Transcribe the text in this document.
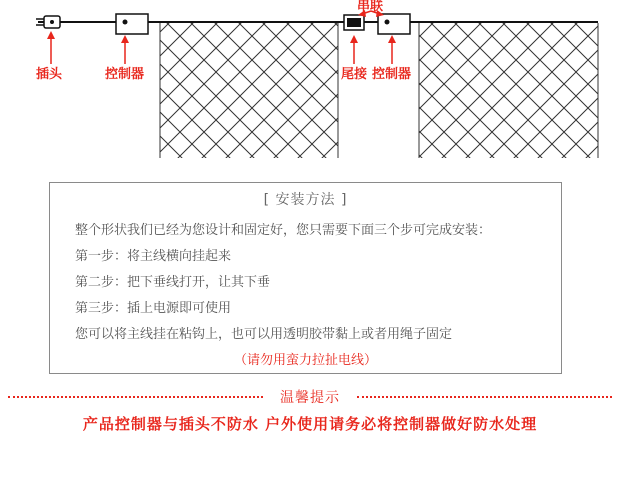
插头	控制器
串联
尾接 控制器
[ 安装方法 ]
整个形状我们已经为您设计和固定好，您只需要下面三个步可完成安装：
第一步：将主线横向挂起来
第二步：把下垂线打开，让其下垂
第三步：插上电源即可使用
您可以将主线挂在粘钩上，也可以用透明胶带黏上或者用绳子固定
（请勿用蛮力拉扯电线）
温馨提示
产品控制器与插头不防水 户外使用请务必将控制器做好防水处理
